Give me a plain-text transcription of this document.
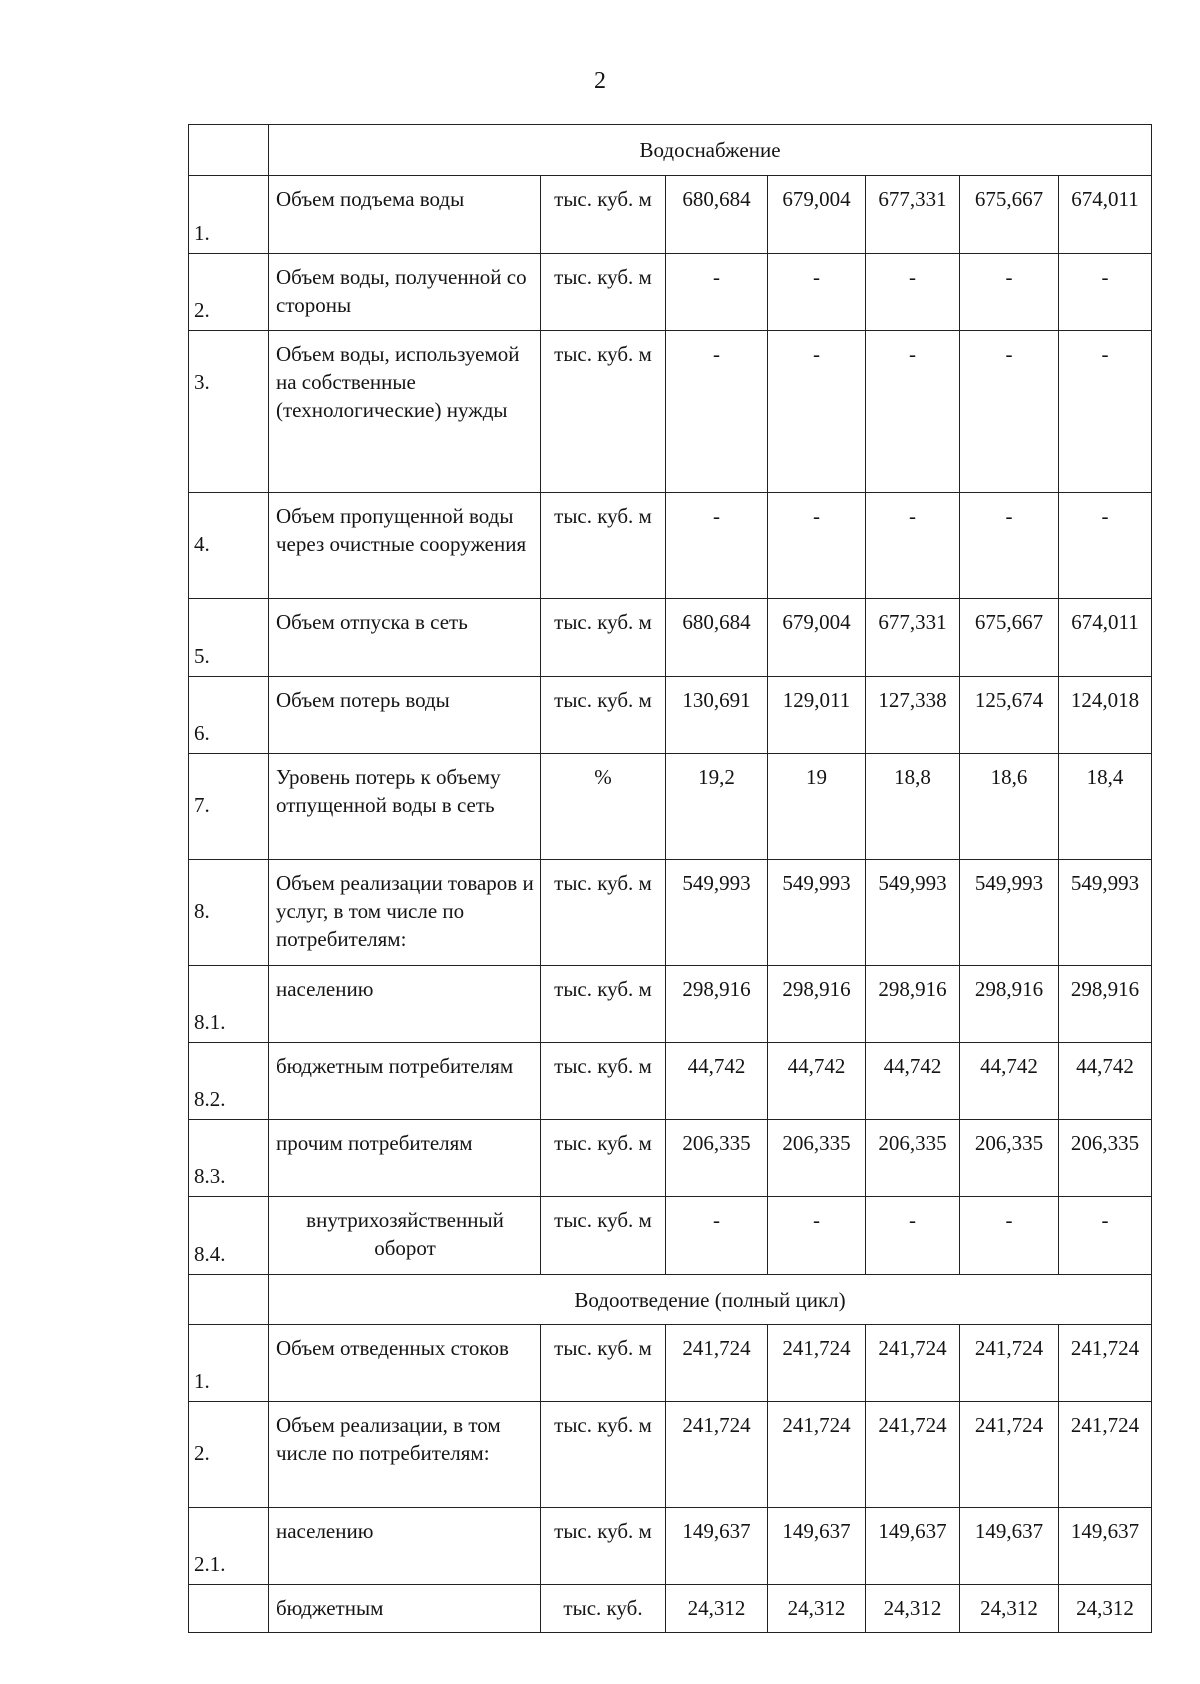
2
	Водоснабжение						
1.	Объем подъема воды	тыс. куб. м	680,684	679,004	677,331	675,667	674,011
2.	Объем воды, полученной со стороны	тыс. куб. м	-	-	-	-	-
3.	Объем воды, используемой на собственные (технологические) нужды	тыс. куб. м	-	-	-	-	-
4.	Объем пропущенной воды через очистные сооружения	тыс. куб. м	-	-	-	-	-
5.	Объем отпуска в сеть	тыс. куб. м	680,684	679,004	677,331	675,667	674,011
6.	Объем потерь воды	тыс. куб. м	130,691	129,011	127,338	125,674	124,018
7.	Уровень потерь к объему отпущенной воды в сеть	%	19,2	19	18,8	18,6	18,4
8.	Объем реализации товаров и услуг, в том числе по потребителям:	тыс. куб. м	549,993	549,993	549,993	549,993	549,993
8.1.	населению	тыс. куб. м	298,916	298,916	298,916	298,916	298,916
8.2.	бюджетным потребителям	тыс. куб. м	44,742	44,742	44,742	44,742	44,742
8.3.	прочим потребителям	тыс. куб. м	206,335	206,335	206,335	206,335	206,335
8.4.	внутрихозяйственный оборот	тыс. куб. м	-	-	-	-	-
	Водоотведение (полный цикл)						
1.	Объем отведенных стоков	тыс. куб. м	241,724	241,724	241,724	241,724	241,724
2.	Объем реализации, в том числе по потребителям:	тыс. куб. м	241,724	241,724	241,724	241,724	241,724
2.1.	населению	тыс. куб. м	149,637	149,637	149,637	149,637	149,637
	бюджетным	тыс. куб.	24,312	24,312	24,312	24,312	24,312
